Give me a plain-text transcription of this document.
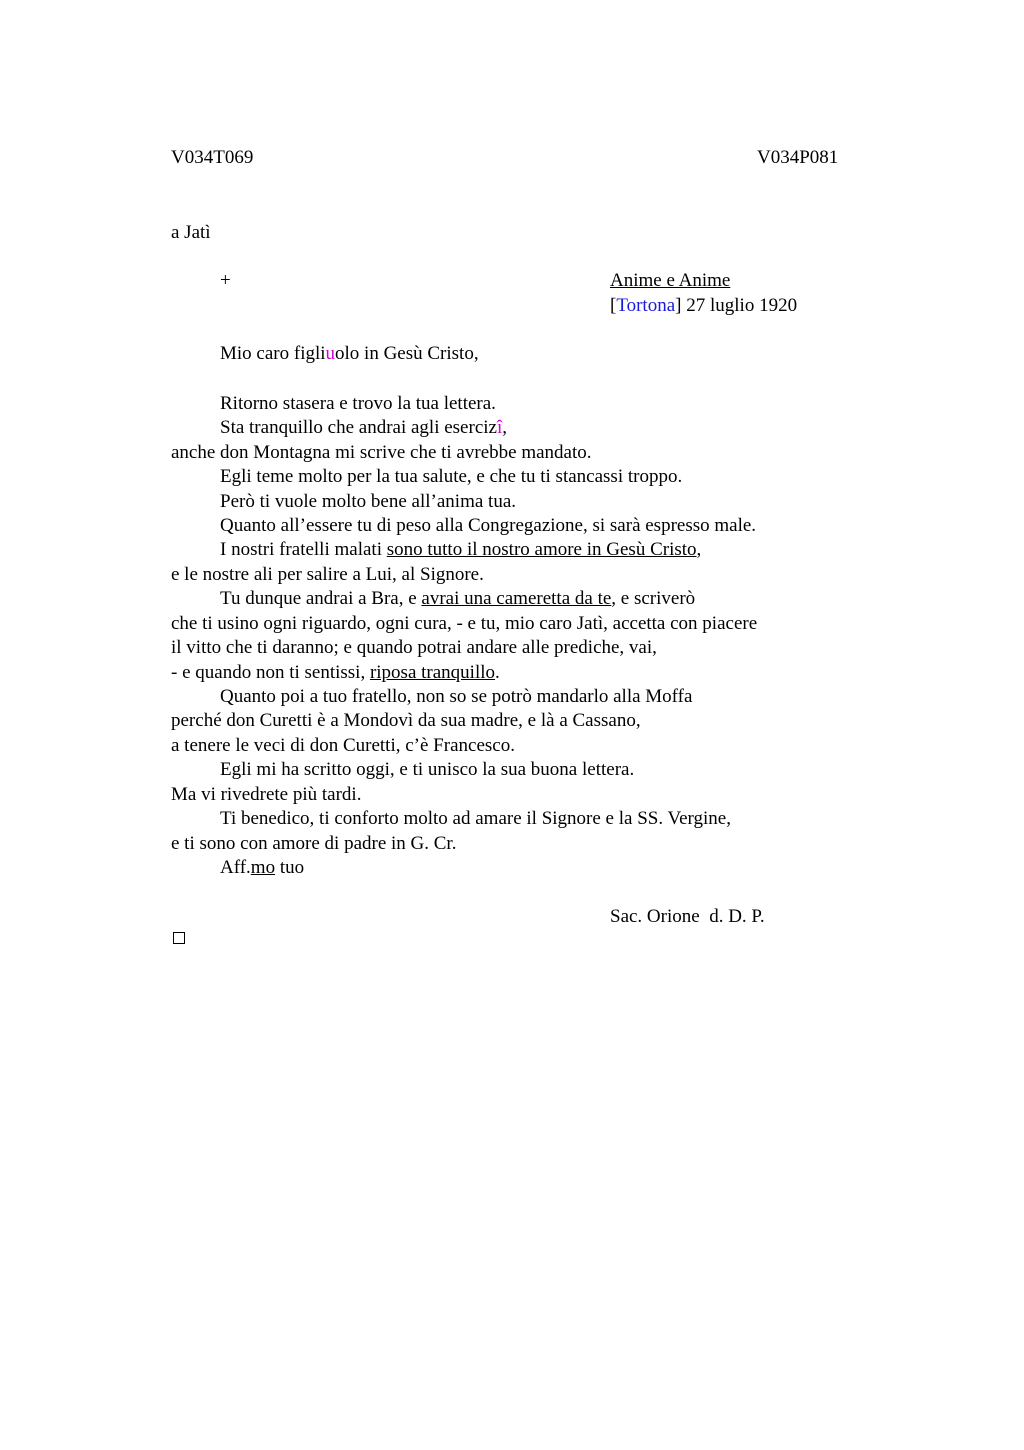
V034T069	V034P081
a Jatì
+	Anime e Anime
[Tortona] 27 luglio 1920
Mio caro figliuolo in Gesù Cristo,
Ritorno stasera e trovo la tua lettera.
Sta tranquillo che andrai agli esercizî,
anche don Montagna mi scrive che ti avrebbe mandato.
Egli teme molto per la tua salute, e che tu ti stancassi troppo.
Però ti vuole molto bene all’anima tua.
Quanto all’essere tu di peso alla Congregazione, si sarà espresso male.
I nostri fratelli malati sono tutto il nostro amore in Gesù Cristo,
e le nostre ali per salire a Lui, al Signore.
Tu dunque andrai a Bra, e avrai una cameretta da te, e scriverò
che ti usino ogni riguardo, ogni cura, - e tu, mio caro Jatì, accetta con piacere
il vitto che ti daranno; e quando potrai andare alle prediche, vai,
- e quando non ti sentissi, riposa tranquillo.
Quanto poi a tuo fratello, non so se potrò mandarlo alla Moffa
perché don Curetti è a Mondovì da sua madre, e là a Cassano,
a tenere le veci di don Curetti, c’è Francesco.
Egli mi ha scritto oggi, e ti unisco la sua buona lettera.
Ma vi rivedrete più tardi.
Ti benedico, ti conforto molto ad amare il Signore e la SS. Vergine,
e ti sono con amore di padre in G. Cr.
Aff.mo tuo
Sac. Orione  d. D. P.
